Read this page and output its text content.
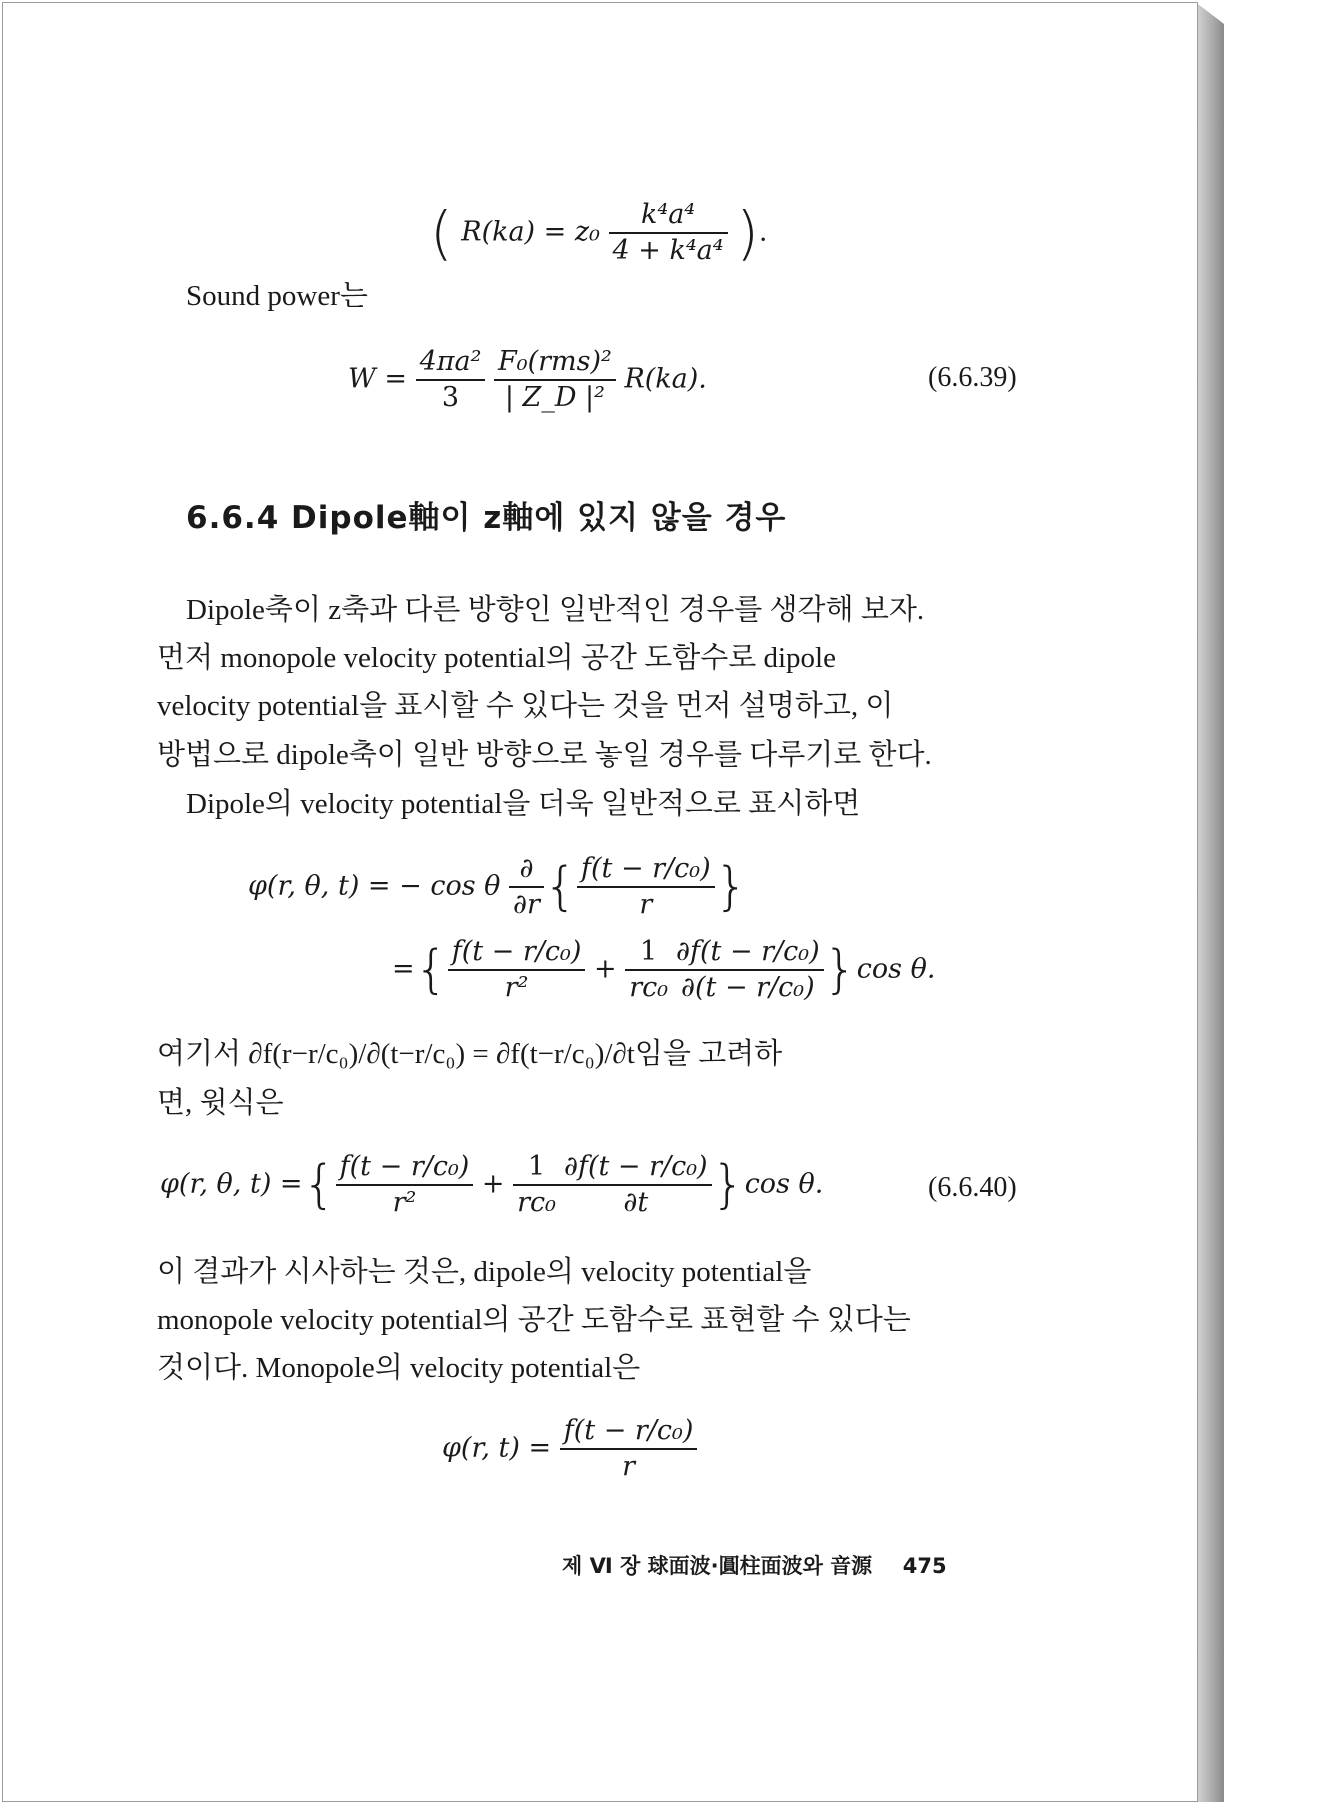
( $R(ka) = z_0 \frac{\text{k⁴a⁴}}{\text{4 + k⁴a⁴}}$ ).
Sound power는
$W = \frac{\text{4πa²}}{3}$
$\frac{\text{F₀(rms)²}}{\text{| Z\_D |²}} R(ka)$.	(6.6.39)
6.6.4 Dipole軸이 z軸에 있지 않을 경우
Dipole축이 z축과 다른 방향인 일반적인 경우를 생각해 보자.
먼저 monopole velocity potential의 공간 도함수로 dipole
velocity potential을 표시할 수 있다는 것을 먼저 설명하고, 이
방법으로 dipole축이 일반 방향으로 놓일 경우를 다루기로 한다.
Dipole의 velocity potential을 더욱 일반적으로 표시하면
φ(r, θ, t) = − cos θ $\frac{\partial}{\partial r}$ { $\frac{\text{f(t − r/c₀)}}{r}$ }
={ $\frac{\text{f(t − r/c₀)}}{\text{r²}} + \frac{1}{\text{rc₀}} \frac{\text{∂f(t − r/c₀)}}{\text{∂(t − r/c₀)}} \}\cos$ θ.
여기서 ∂f(r−r/c₀)/∂(t−r/c₀) = ∂f(t−r/c₀)/∂t임을 고려하
면, 윗식은
φ(r, θ, t) ={ $\frac{\text{f(t − r/c₀)}}{\text{r²}} + \frac{1}{\text{rc₀}} \frac{\text{∂f(t − r/c₀)}}{\partial t} \}\cos$ θ.	(6.6.40)
이 결과가 시사하는 것은, dipole의 velocity potential을
monopole velocity potential의 공간 도함수로 표현할 수 있다는
것이다. Monopole의 velocity potential은
φ(r, $t) = \frac{\text{f(t − r/c₀)}}{r}$
제 Ⅵ 장 球面波·圓柱面波와 音源 475
